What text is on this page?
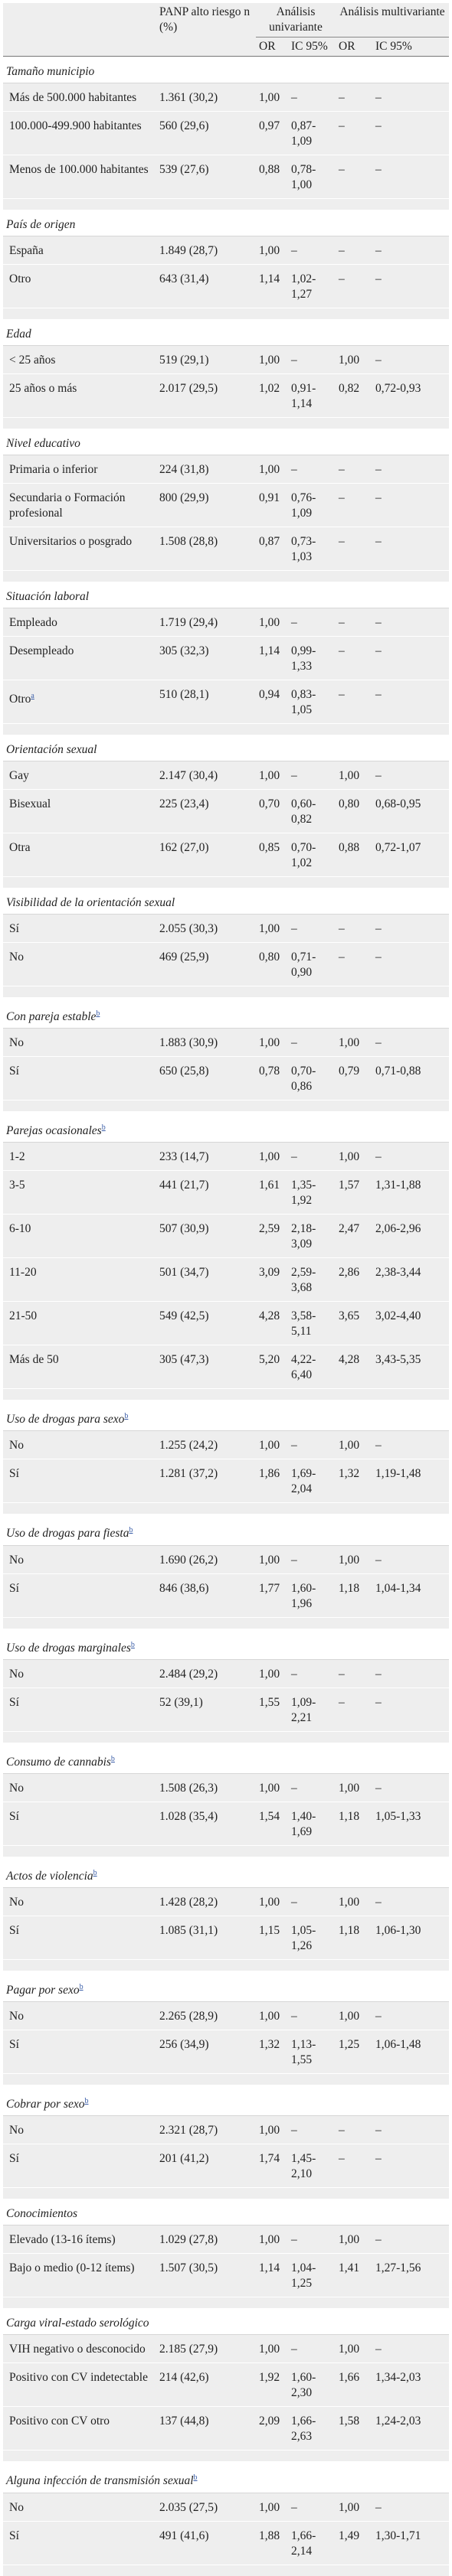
	PANP alto riesgo n (%)	Análisis univariante		Análisis multivariante	
		OR	IC 95%	OR	IC 95%
Tamaño municipio					
Más de 500.000 habitantes	1.361 (30,2)	1,00	–	–	–
100.000-499.900 habitantes	560 (29,6)	0,97	0,87-1,09	–	–
Menos de 100.000 habitantes	539 (27,6)	0,88	0,78-1,00	–	–

País de origen					
España	1.849 (28,7)	1,00	–	–	–
Otro	643 (31,4)	1,14	1,02-1,27	–	–

Edad					
< 25 años	519 (29,1)	1,00	–	1,00	–
25 años o más	2.017 (29,5)	1,02	0,91-1,14	0,82	0,72-0,93

Nivel educativo					
Primaria o inferior	224 (31,8)	1,00	–	–	–
Secundaria o Formación profesional	800 (29,9)	0,91	0,76-1,09	–	–
Universitarios o posgrado	1.508 (28,8)	0,87	0,73-1,03	–	–

Situación laboral					
Empleado	1.719 (29,4)	1,00	–	–	–
Desempleado	305 (32,3)	1,14	0,99-1,33	–	–
Otro$^a$	510 (28,1)	0,94	0,83-1,05	–	–

Orientación sexual					
Gay	2.147 (30,4)	1,00	–	1,00	–
Bisexual	225 (23,4)	0,70	0,60-0,82	0,80	0,68-0,95
Otra	162 (27,0)	0,85	0,70-1,02	0,88	0,72-1,07

Visibilidad de la orientación sexual					
Sí	2.055 (30,3)	1,00	–	–	–
No	469 (25,9)	0,80	0,71-0,90	–	–

Con pareja estable$^b$
No	1.883 (30,9)	1,00	–	1,00	–
Sí	650 (25,8)	0,78	0,70-0,86	0,79	0,71-0,88

Parejas ocasionales$^b$
1-2	233 (14,7)	1,00	–	1,00	–
3-5	441 (21,7)	1,61	1,35-1,92	1,57	1,31-1,88
6-10	507 (30,9)	2,59	2,18-3,09	2,47	2,06-2,96
11-20	501 (34,7)	3,09	2,59-3,68	2,86	2,38-3,44
21-50	549 (42,5)	4,28	3,58-5,11	3,65	3,02-4,40
Más de 50	305 (47,3)	5,20	4,22-6,40	4,28	3,43-5,35

Uso de drogas para sexo$^b$
No	1.255 (24,2)	1,00	–	1,00	–
Sí	1.281 (37,2)	1,86	1,69-2,04	1,32	1,19-1,48

Uso de drogas para fiesta$^b$
No	1.690 (26,2)	1,00	–	1,00	–
Sí	846 (38,6)	1,77	1,60-1,96	1,18	1,04-1,34

Uso de drogas marginales$^b$
No	2.484 (29,2)	1,00	–	–	–
Sí	52 (39,1)	1,55	1,09-2,21	–	–

Consumo de cannabis$^b$
No	1.508 (26,3)	1,00	–	1,00	–
Sí	1.028 (35,4)	1,54	1,40-1,69	1,18	1,05-1,33

Actos de violencia$^b$
No	1.428 (28,2)	1,00	–	1,00	–
Sí	1.085 (31,1)	1,15	1,05-1,26	1,18	1,06-1,30

Pagar por sexo$^b$
No	2.265 (28,9)	1,00	–	1,00	–
Sí	256 (34,9)	1,32	1,13-1,55	1,25	1,06-1,48

Cobrar por sexo$^b$
No	2.321 (28,7)	1,00	–	–	–
Sí	201 (41,2)	1,74	1,45-2,10	–	–

Conocimientos					
Elevado (13-16 ítems)	1.029 (27,8)	1,00	–	1,00	–
Bajo o medio (0-12 ítems)	1.507 (30,5)	1,14	1,04-1,25	1,41	1,27-1,56

Carga viral-estado serológico					
VIH negativo o desconocido	2.185 (27,9)	1,00	–	1,00	–
Positivo con CV indetectable	214 (42,6)	1,92	1,60-2,30	1,66	1,34-2,03
Positivo con CV otro	137 (44,8)	2,09	1,66-2,63	1,58	1,24-2,03

Alguna infección de transmisión sexual$^b$
No	2.035 (27,5)	1,00	–	1,00	–
Sí	491 (41,6)	1,88	1,66-2,14	1,49	1,30-1,71
